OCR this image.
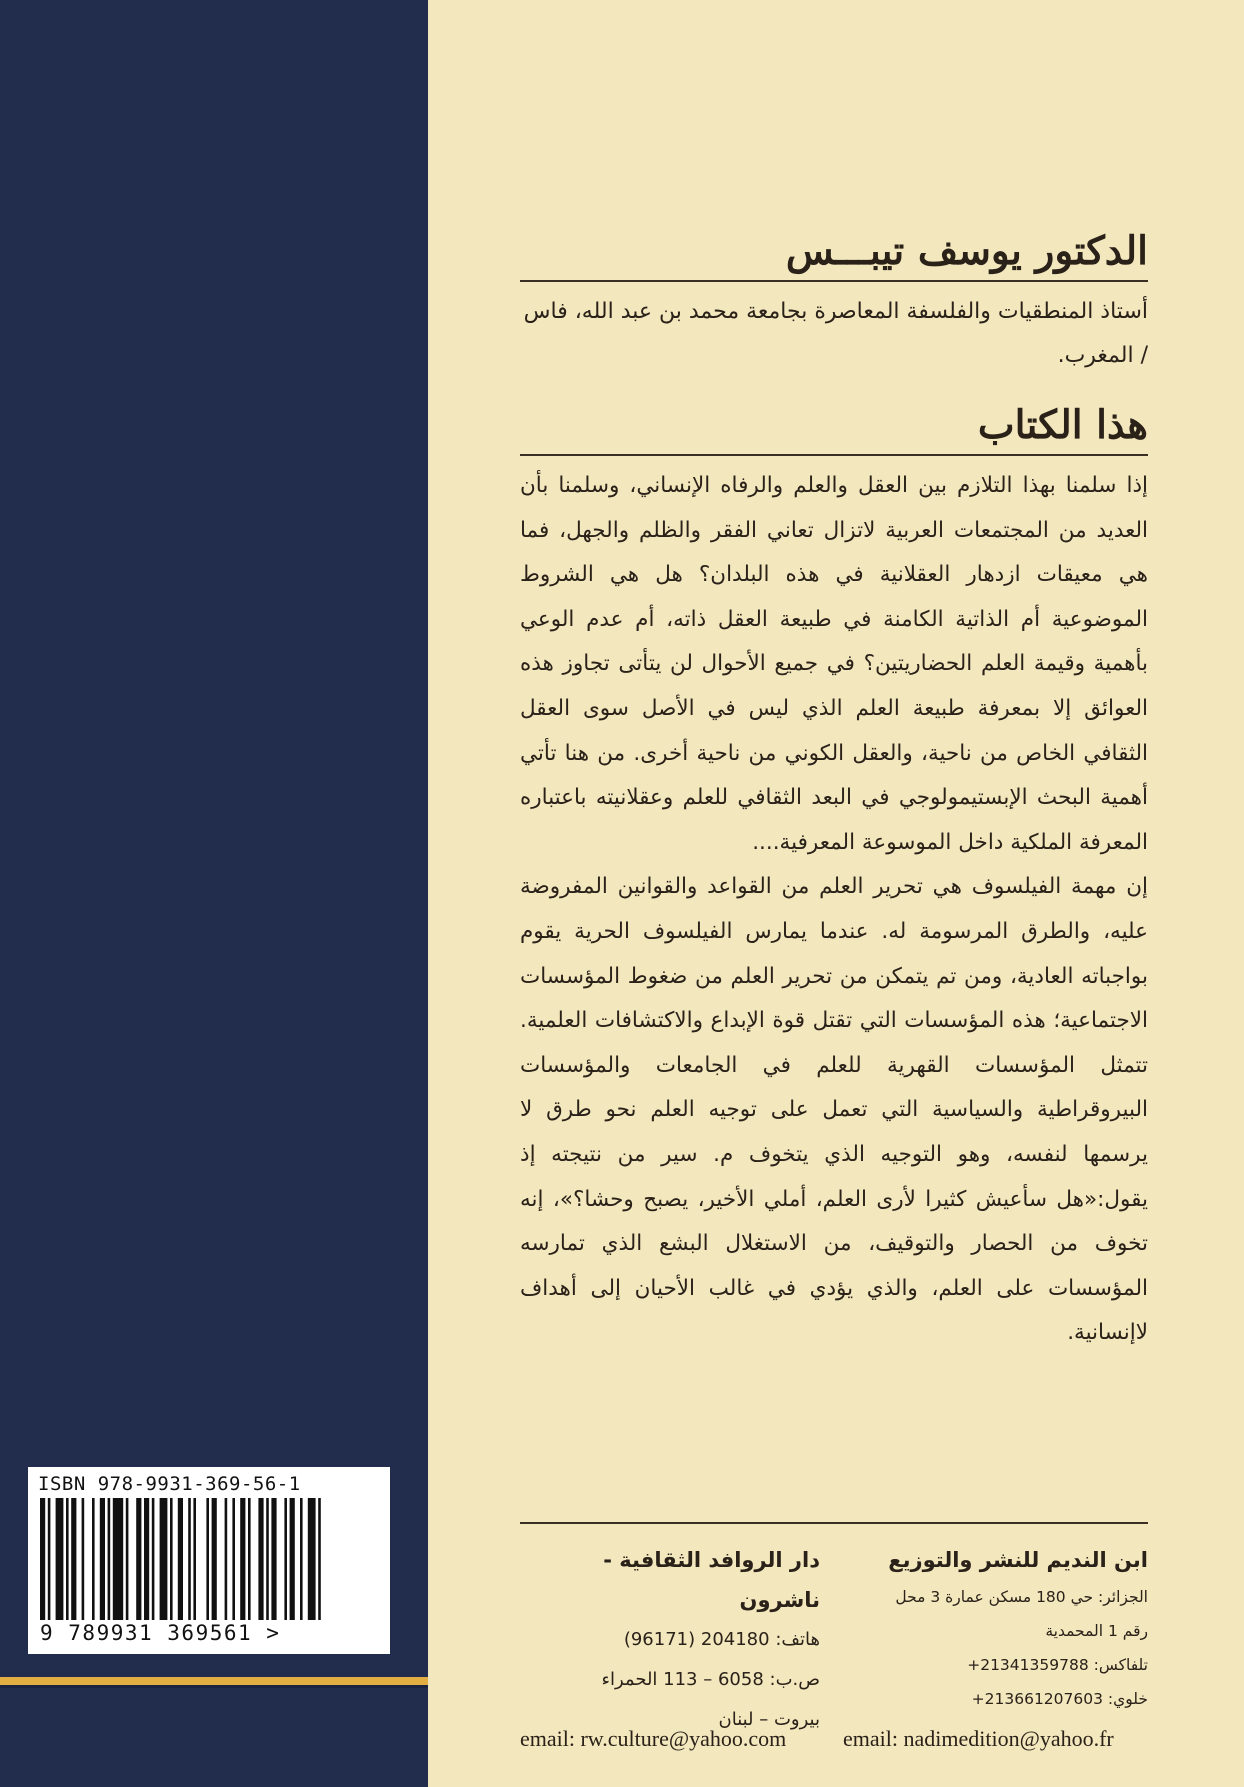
ISBN 978-9931-369-56-1
9 789931 369561 >
الدكتور يوسف تيبـــس

أستاذ المنطقيات والفلسفة المعاصرة بجامعة محمد بن عبد الله، فاس / المغرب.

هذا الكتاب

إذا سلمنا بهذا التلازم بين العقل والعلم والرفاه الإنساني، وسلمنا بأن العديد من المجتمعات العربية لاتزال تعاني الفقر والظلم والجهل، فما هي معيقات ازدهار العقلانية في هذه البلدان؟ هل هي الشروط الموضوعية أم الذاتية الكامنة في طبيعة العقل ذاته، أم عدم الوعي بأهمية وقيمة العلم الحضاريتين؟ في جميع الأحوال لن يتأتى تجاوز هذه العوائق إلا بمعرفة طبيعة العلم الذي ليس في الأصل سوى العقل الثقافي الخاص من ناحية، والعقل الكوني من ناحية أخرى. من هنا تأتي أهمية البحث الإبستيمولوجي في البعد الثقافي للعلم وعقلانيته باعتباره المعرفة الملكية داخل الموسوعة المعرفية....

إن مهمة الفيلسوف هي تحرير العلم من القواعد والقوانين المفروضة عليه، والطرق المرسومة له. عندما يمارس الفيلسوف الحرية يقوم بواجباته العادية، ومن تم يتمكن من تحرير العلم من ضغوط المؤسسات الاجتماعية؛ هذه المؤسسات التي تقتل قوة الإبداع والاكتشافات العلمية. تتمثل المؤسسات القهرية للعلم في الجامعات والمؤسسات البيروقراطية والسياسية التي تعمل على توجيه العلم نحو طرق لا يرسمها لنفسه، وهو التوجيه الذي يتخوف م. سير من نتيجته إذ يقول:«هل سأعيش كثيرا لأرى العلم، أملي الأخير، يصبح وحشا؟»، إنه تخوف من الحصار والتوقيف، من الاستغلال البشع الذي تمارسه المؤسسات على العلم، والذي يؤدي في غالب الأحيان إلى أهداف لاإنسانية.

ابن النديم للنشر والتوزيع
الجزائر: حي 180 مسكن عمارة 3 محل
رقم 1 المحمدية
تلفاكس: 21341359788+
خلوي: 213661207603+
دار الروافد الثقافية - ناشرون
هاتف: 204180 (96171)
ص.ب: 6058 – 113 الحمراء
بيروت – لبنان
email: nadimedition@yahoo.fr
email: rw.culture@yahoo.com
